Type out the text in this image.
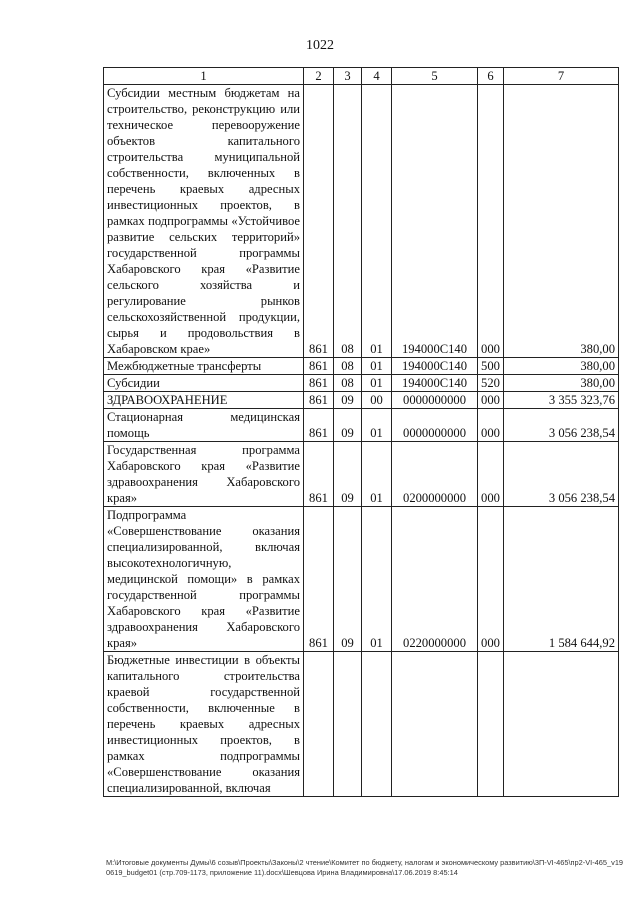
1022
1	2	3	4	5	6	7

Субсидии местным бюджетам на строительство, реконструкцию или техническое перевооружение объектов капитального строительства муниципальной собственности, включенных в перечень краевых адресных инвестиционных проектов, в рамках подпрограммы «Устойчивое развитие сельских территорий» государственной программы Хабаровского края «Развитие сельского хозяйства и регулирование рынков сельскохозяйственной продукции, сырья и продовольствия в Хабаровском крае»	861	08	01	194000С140	000	380,00

Межбюджетные трансферты	861	08	01	194000С140	500	380,00

Субсидии	861	08	01	194000С140	520	380,00

ЗДРАВООХРАНЕНИЕ	861	09	00	0000000000	000	3 355 323,76

Стационарная медицинская помощь	861	09	01	0000000000	000	3 056 238,54

Государственная программа Хабаровского края «Развитие здравоохранения Хабаровского края»	861	09	01	0200000000	000	3 056 238,54

Подпрограмма «Совершенствование оказания специализированной, включая высокотехнологичную, медицинской помощи» в рамках государственной программы Хабаровского края «Развитие здравоохранения Хабаровского края»	861	09	01	0220000000	000	1 584 644,92

Бюджетные инвестиции в объекты капитального строительства краевой государственной собственности, включенные в перечень краевых адресных инвестиционных проектов, в рамках подпрограммы «Совершенствование оказания специализированной, включая						

M:\Итоговые документы Думы\6 созыв\Проекты\Законы\2 чтение\Комитет по бюджету, налогам и экономическому развитию\3П-VI-465\пр2-VI-465_v190619_budget01 (стр.709-1173, приложение 11).docx\Шевцова Ирина Владимировна\17.06.2019 8:45:14
